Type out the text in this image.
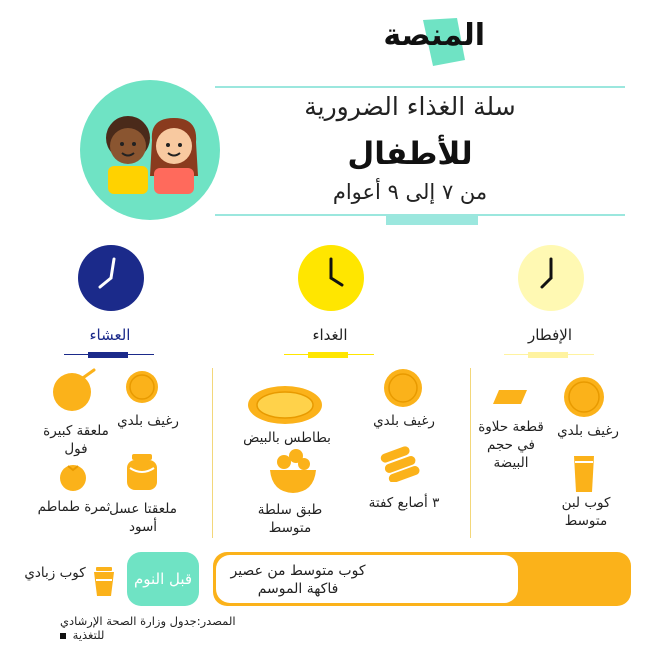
المنصة
سلة الغذاء الضرورية
للأطفال
من ٧ إلى ٩ أعوام
العشاء	الغداء	الإفطار
رغيف بلدي
ملعقة كبيرة فول
ملعقتا عسل أسود
ثمرة طماطم
رغيف بلدي
بطاطس بالبيض
٣ أصابع كفتة
طبق سلطة متوسط
رغيف بلدي
قطعة حلاوة في حجم البيضة
كوب لبن متوسط
قبل النوم
كوب زبادي	بين الوجبات
كوب متوسط من عصير فاكهة الموسم
المصدر:جدول وزارة الصحة الإرشادي للتغذية
